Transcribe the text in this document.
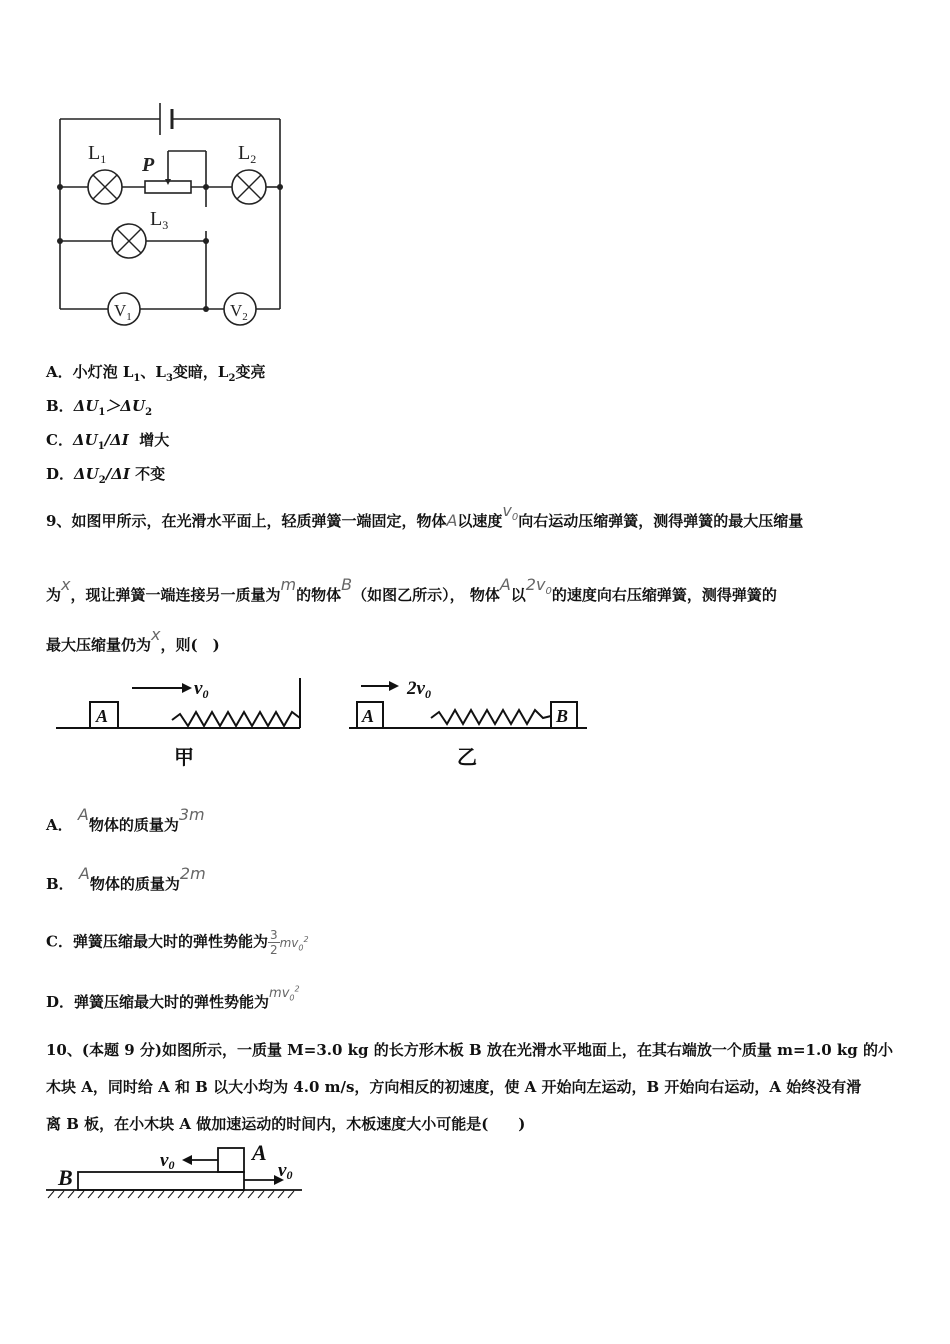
$L_1$	$L_2$
$L_3$
P
$V_1$	$V_2$
A．小灯泡 $L_1$、$L_3$变暗，$L_2$变亮
B．$\Delta U_1>\Delta U_2$
C．$\Delta U_1/\Delta I$ 增大
D．$\Delta U_2/\Delta I$ 不变
9、如图甲所示，在光滑水平面上，轻质弹簧一端固定，物体A以速度$v_0$向右运动压缩弹簧，测得弹簧的最大压缩量
为x，现让弹簧一端连接另一质量为m的物体B（如图乙所示）， 物体A以$2v_0$的速度向右压缩弹簧，测得弹簧的
最大压缩量仍为x，则(　)
A
$v_0$
甲
A	B
$2v_0$
乙
A． A物体的质量为3m
B． A物体的质量为2m
C．弹簧压缩最大时的弹性势能为 $\frac{3}{2} mv_0^2$
D．弹簧压缩最大时的弹性势能为$mv_0^2$
10、(本题 9 分)如图所示，一质量 M=3.0 kg 的长方形木板 B 放在光滑水平地面上，在其右端放一个质量 m=1.0 kg 的小
木块 A，同时给 A 和 B 以大小均为 4.0 m/s，方向相反的初速度，使 A 开始向左运动，B 开始向右运动，A 始终没有滑
离 B 板，在小木块 A 做加速运动的时间内，木板速度大小可能是(　　)
B
A
v0	v0
